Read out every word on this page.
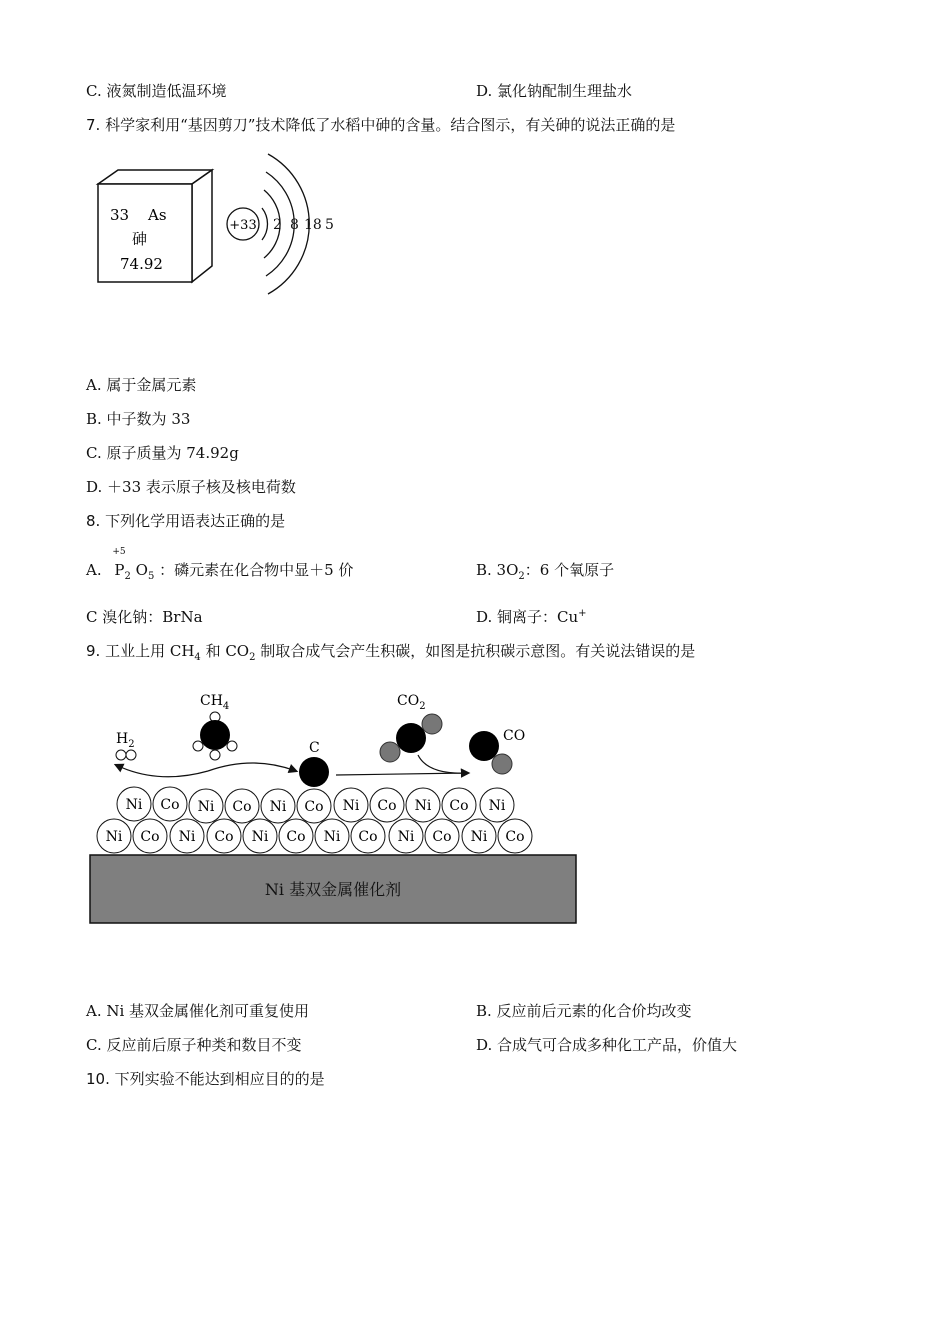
C. 液氮制造低温环境	D. 氯化钠配制生理盐水
7. 科学家利用“基因剪刀”技术降低了水稻中砷的含量。结合图示，有关砷的说法正确的是
33 As
砷
74.92
+33 2 8 18 5
A. 属于金属元素
B. 中子数为 33
C. 原子质量为 74.92g
D. ＋33 表示原子核及核电荷数
8. 下列化学用语表达正确的是
A.
+5
$P_2$ $O_5$ ：磷元素在化合物中显＋5 价	B. $3O_2$：6 个氧原子
C 溴化钠：BrNa	D. 铜离子：Cu+
9. 工业上用 $CH_4$ 和 $CO_2$ 制取合成气会产生积碳，如图是抗积碳示意图。有关说法错误的是
Ni 基双金属催化剂
Ni Co Ni Co Ni Co Ni Co Ni Co Ni Co
Ni Co Ni Co Ni Co Ni Co Ni Co Ni
$H_2$
$CH_4$
C
$CO_2$
CO
A. Ni 基双金属催化剂可重复使用	B. 反应前后元素的化合价均改变
C. 反应前后原子种类和数目不变	D. 合成气可合成多种化工产品，价值大
10. 下列实验不能达到相应目的的是
